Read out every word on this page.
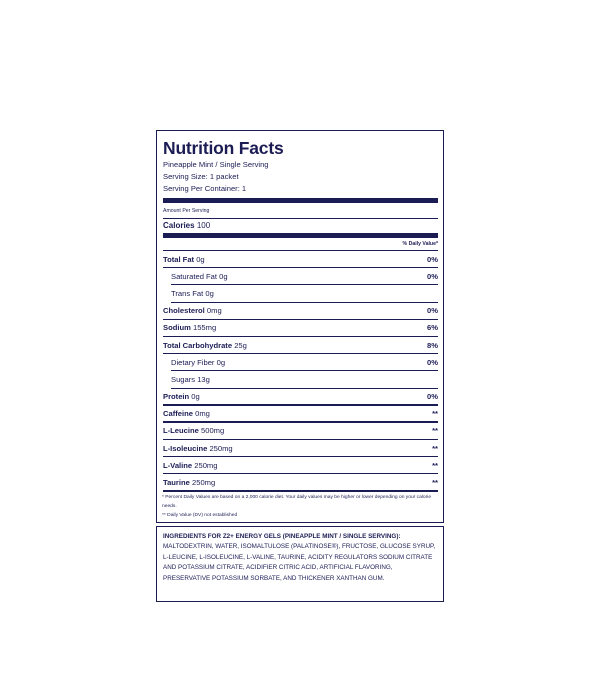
Nutrition Facts
Pineapple Mint / Single Serving
Serving Size: 1 packet
Serving Per Container: 1
Amount Per Serving
Calories 100
% Daily Value*
Total Fat 0g	0%
Saturated Fat 0g	0%
Trans Fat 0g
Cholesterol 0mg	0%
Sodium 155mg	6%
Total Carbohydrate 25g	8%
Dietary Fiber 0g	0%
Sugars 13g
Protein 0g	0%
Caffeine 0mg	**
L-Leucine 500mg	**
L-Isoleucine 250mg	**
L-Valine 250mg	**
Taurine 250mg	**
* Percent Daily Values are based on a 2,000 calorie diet. Your daily values may be higher or lower depending on your calorie needs.
** Daily Value (DV) not established
INGREDIENTS FOR Z2+ ENERGY GELS (PINEAPPLE MINT / SINGLE SERVING):
MALTODEXTRIN, WATER, ISOMALTULOSE (PALATINOSE®), FRUCTOSE, GLUCOSE SYRUP, L-LEUCINE, L-ISOLEUCINE, L-VALINE, TAURINE, ACIDITY REGULATORS SODIUM CITRATE AND POTASSIUM CITRATE, ACIDIFIER CITRIC ACID, ARTIFICIAL FLAVORING, PRESERVATIVE POTASSIUM SORBATE, AND THICKENER XANTHAN GUM.
